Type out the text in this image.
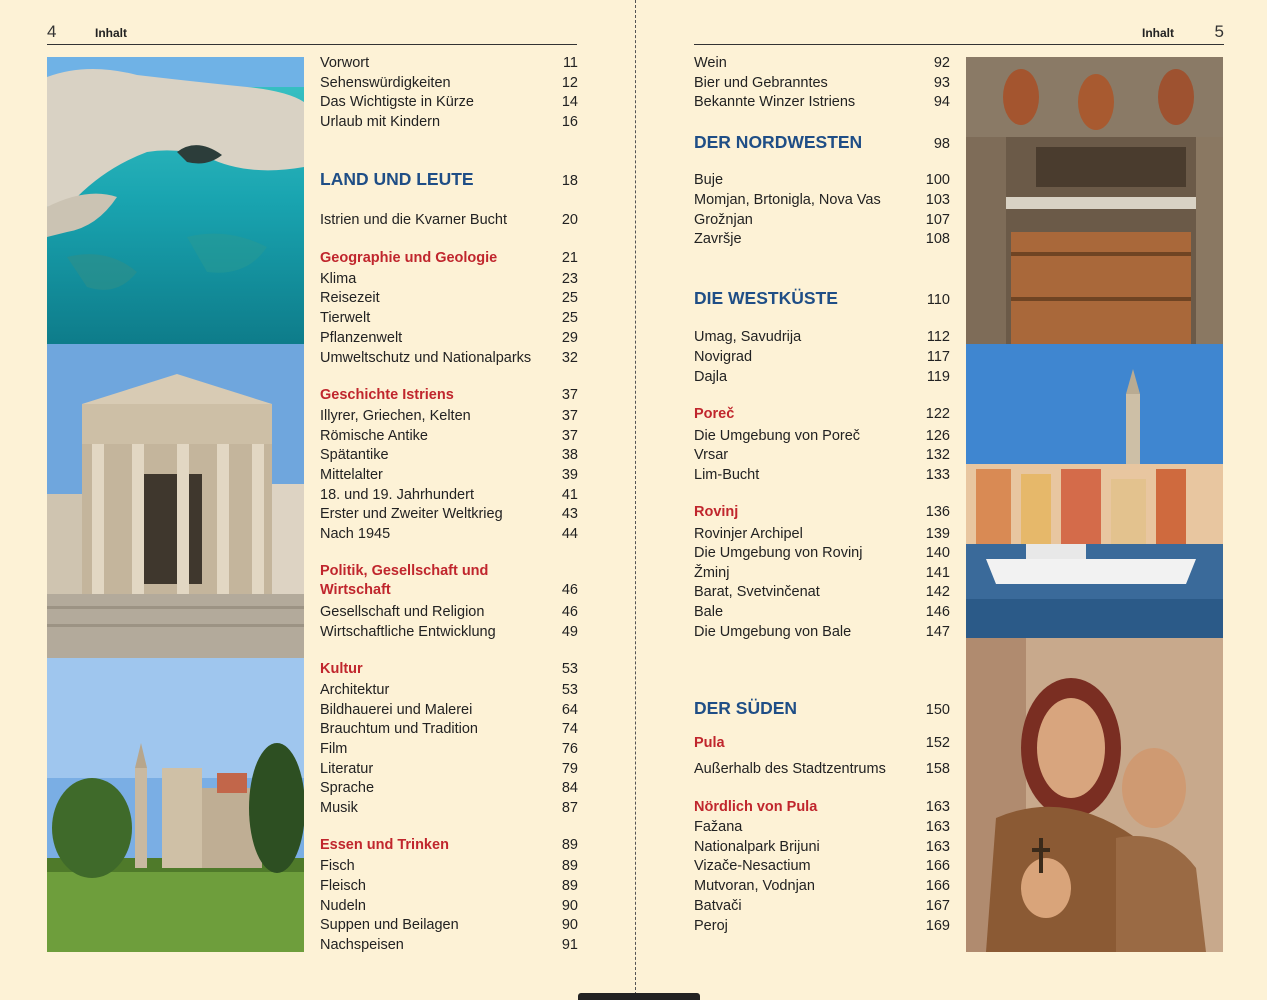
4	Inhalt
Vorwort	11
Sehenswürdigkeiten	12
Das Wichtigste in Kürze	14
Urlaub mit Kindern	16
LAND UND LEUTE	18
Istrien und die Kvarner Bucht	20
Geographie und Geologie	21
Klima	23
Reisezeit	25
Tierwelt	25
Pflanzenwelt	29
Umweltschutz und Nationalparks 32
Geschichte Istriens	37
Illyrer, Griechen, Kelten	37
Römische Antike	37
Spätantike	38
Mittelalter	39
18. und 19. Jahrhundert	41
Erster und Zweiter Weltkrieg	43
Nach 1945	44
Politik, Gesellschaft und
Wirtschaft	46
Gesellschaft und Religion	46
Wirtschaftliche Entwicklung	49
Kultur	53
Architektur	53
Bildhauerei und Malerei	64
Brauchtum und Tradition	74
Film	76
Literatur	79
Sprache	84
Musik	87
Essen und Trinken	89
Fisch	89
Fleisch	89
Nudeln	90
Suppen und Beilagen	90
Nachspeisen	91
Inhalt 5
Wein	92
Bier und Gebranntes	93
Bekannte Winzer Istriens	94
DER NORDWESTEN	98
Buje	100
Momjan, Brtonigla, Nova Vas	103
Grožnjan	107
Završje	108
DIE WESTKÜSTE	110
Umag, Savudrija	112
Novigrad	117
Dajla	119
Poreč	122
Die Umgebung von Poreč	126
Vrsar	132
Lim-Bucht	133
Rovinj	136
Rovinjer Archipel	139
Die Umgebung von Rovinj	140
Žminj	141
Barat, Svetvinčenat	142
Bale	146
Die Umgebung von Bale	147
DER SÜDEN	150
Pula	152
Außerhalb des Stadtzentrums	158
Nördlich von Pula	163
Fažana	163
Nationalpark Brijuni	163
Vizače-Nesactium	166
Mutvoran, Vodnjan	166
Batvači	167
Peroj	169
